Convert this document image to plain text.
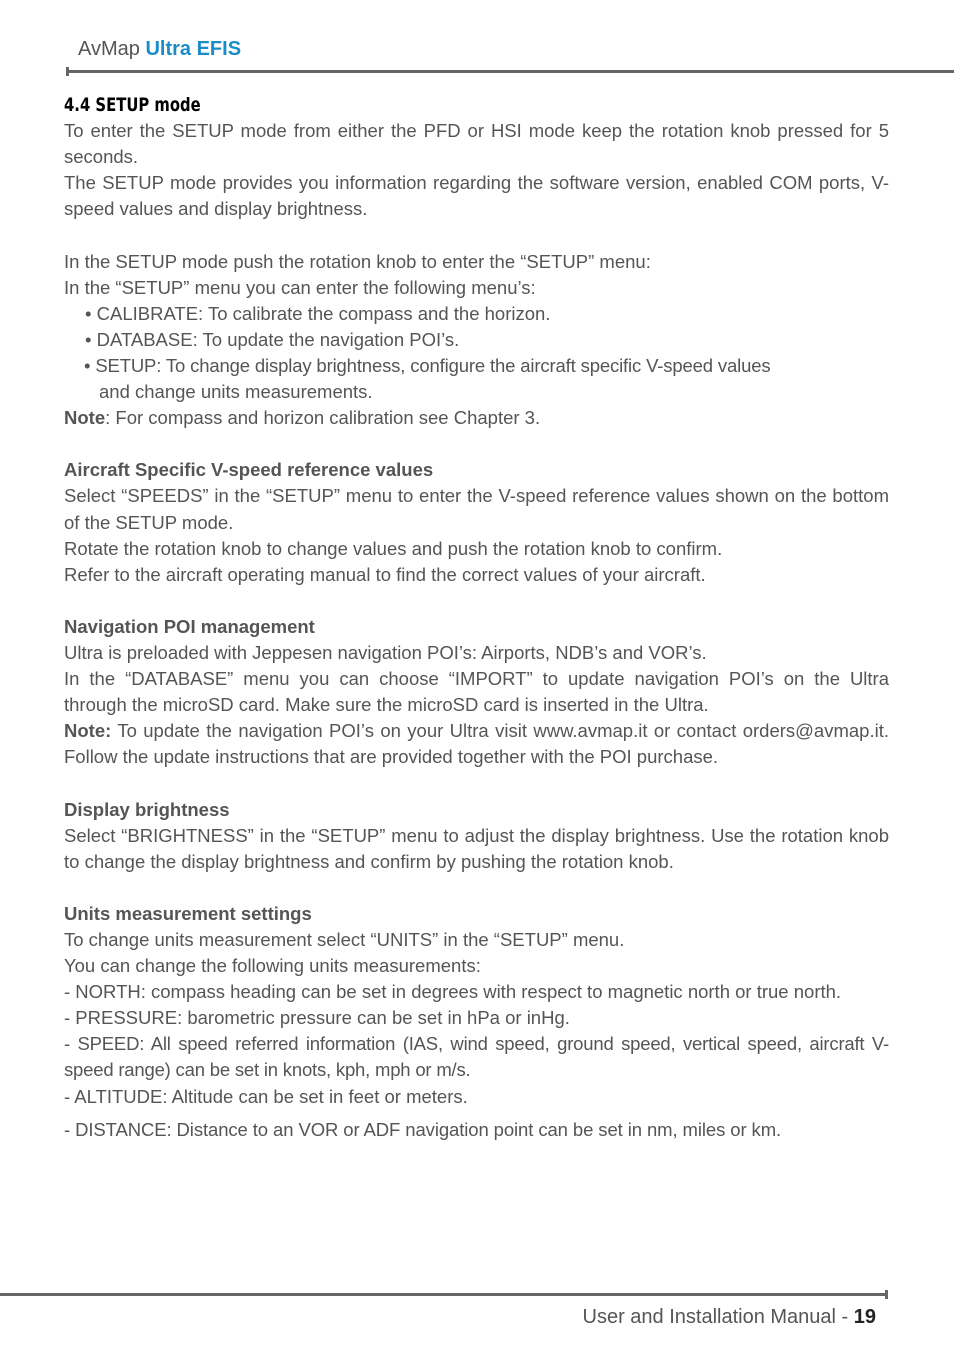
AvMap Ultra EFIS

4.4 SETUP mode

To enter the SETUP mode from either the PFD or HSI mode keep the rotation knob pressed for 5 seconds.

The SETUP mode provides you information regarding the software version, enabled COM ports, V-speed values and display brightness.

In the SETUP mode push the rotation knob to enter the “SETUP” menu:

In the “SETUP” menu you can enter the following menu’s:

• CALIBRATE: To calibrate the compass and the horizon.

• DATABASE: To update the navigation POI’s.

• SETUP: To change display brightness, configure the aircraft specific V-speed values

and change units measurements.

Note: For compass and horizon calibration see Chapter 3.

Aircraft Specific V-speed reference values

Select “SPEEDS” in the “SETUP” menu to enter the V-speed reference values shown on the bottom of the SETUP mode.

Rotate the rotation knob to change values and push the rotation knob to confirm.

Refer to the aircraft operating manual to find the correct values of your aircraft.

Navigation POI management

Ultra is preloaded with Jeppesen navigation POI’s: Airports, NDB’s and VOR’s.

In the “DATABASE” menu you can choose “IMPORT” to update navigation POI’s on the Ultra through the microSD card. Make sure the microSD card is inserted in the Ultra.

Note: To update the navigation POI’s on your Ultra visit www.avmap.it or contact orders@avmap.it. Follow the update instructions that are provided together with the POI purchase.

Display brightness

Select “BRIGHTNESS” in the “SETUP” menu to adjust the display brightness. Use the rotation knob to change the display brightness and confirm by pushing the rotation knob.

Units measurement settings

To change units measurement select “UNITS” in the “SETUP” menu.

You can change the following units measurements:

- NORTH: compass heading can be set in degrees with respect to magnetic north or true north.

- PRESSURE: barometric pressure can be set in hPa or inHg.

- SPEED: All speed referred information (IAS, wind speed, ground speed, vertical speed, aircraft V-speed range) can be set in knots, kph, mph or m/s.

- ALTITUDE: Altitude can be set in feet or meters.

- DISTANCE: Distance to an VOR or ADF navigation point can be set in nm, miles or km.

User and Installation Manual - 19
